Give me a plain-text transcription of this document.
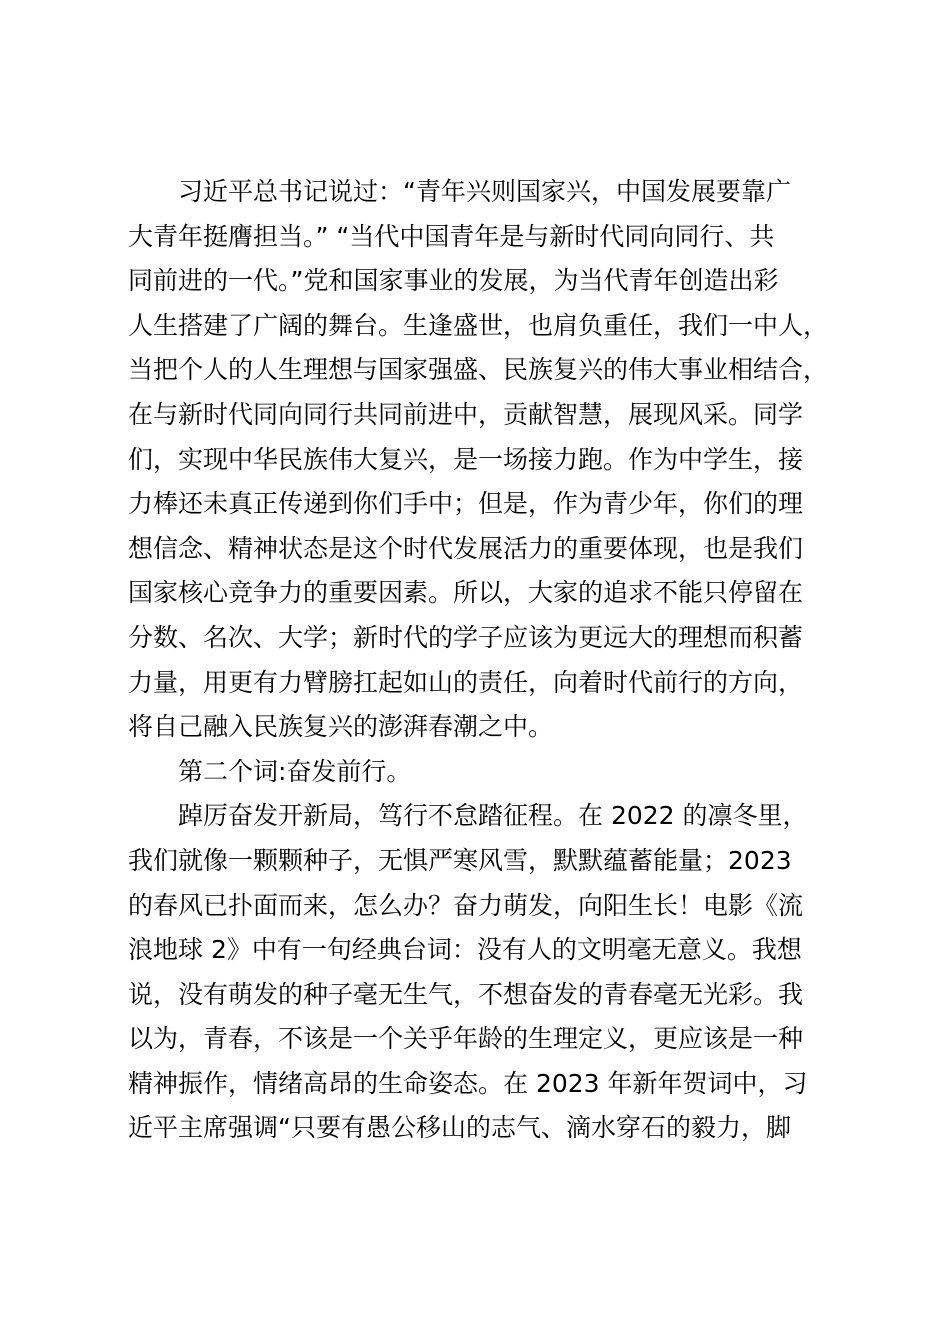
习近平总书记说过：“青年兴则国家兴，中国发展要靠广
大青年挺膺担当。” “当代中国青年是与新时代同向同行、共
同前进的一代。”党和国家事业的发展，为当代青年创造出彩
人生搭建了广阔的舞台。生逢盛世，也肩负重任，我们一中人，
当把个人的人生理想与国家强盛、民族复兴的伟大事业相结合，
在与新时代同向同行共同前进中，贡献智慧，展现风采。同学
们，实现中华民族伟大复兴，是一场接力跑。作为中学生，接
力棒还未真正传递到你们手中；但是，作为青少年，你们的理
想信念、精神状态是这个时代发展活力的重要体现，也是我们
国家核心竞争力的重要因素。所以，大家的追求不能只停留在
分数、名次、大学；新时代的学子应该为更远大的理想而积蓄
力量，用更有力臂膀扛起如山的责任，向着时代前行的方向，
将自己融入民族复兴的澎湃春潮之中。
第二个词:奋发前行。
踔厉奋发开新局，笃行不怠踏征程。在 2022 的凛冬里，
我们就像一颗颗种子，无惧严寒风雪，默默蕴蓄能量；2023
的春风已扑面而来，怎么办？奋力萌发，向阳生长！电影《流
浪地球 2》中有一句经典台词：没有人的文明毫无意义。我想
说，没有萌发的种子毫无生气，不想奋发的青春毫无光彩。我
以为，青春，不该是一个关乎年龄的生理定义，更应该是一种
精神振作，情绪高昂的生命姿态。在 2023 年新年贺词中，习
近平主席强调“只要有愚公移山的志气、滴水穿石的毅力，脚
